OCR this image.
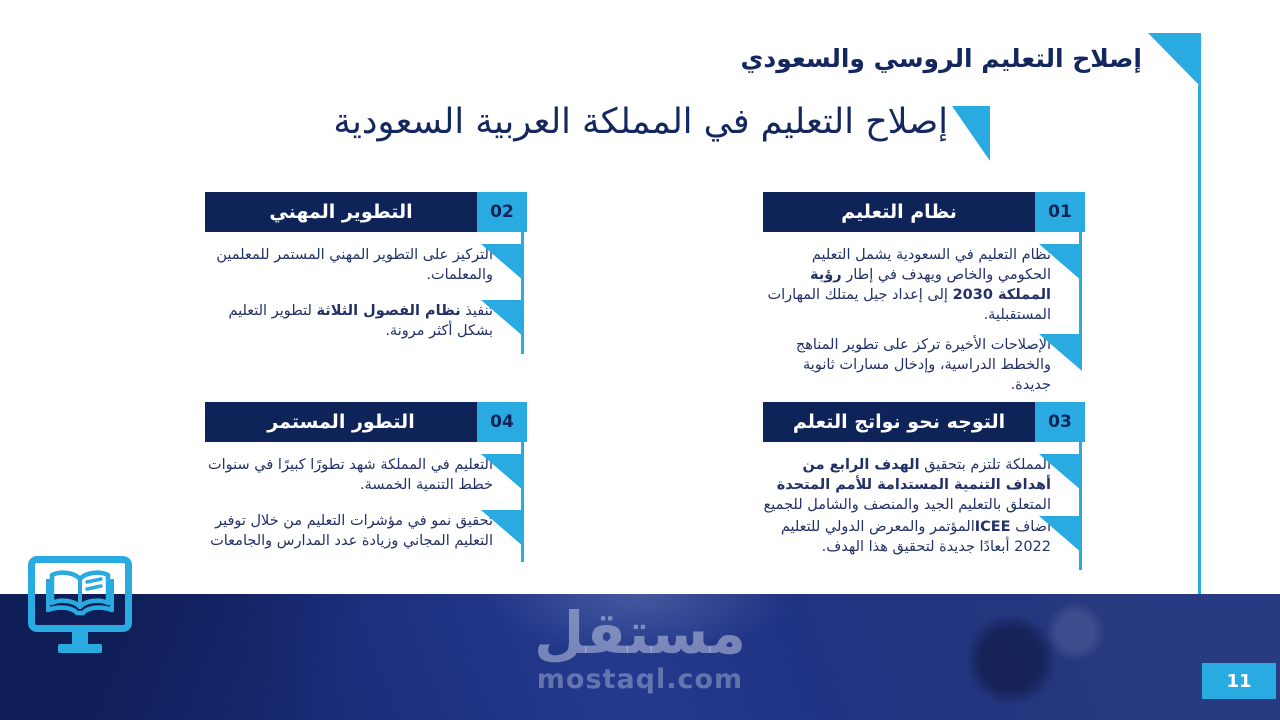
إصلاح التعليم الروسي والسعودي
إصلاح التعليم في المملكة العربية السعودية
نظام التعليم	01

نظام التعليم في السعودية يشمل التعليم الحكومي والخاص ويهدف في إطار رؤية المملكة 2030 إلى إعداد جيل يمتلك المهارات المستقبلية.

الإصلاحات الأخيرة تركز على تطوير المناهج والخطط الدراسية، وإدخال مسارات ثانوية جديدة.

التطوير المهني	02

التركيز على التطوير المهني المستمر للمعلمين والمعلمات.

تنفيذ نظام الفصول الثلاثة لتطوير التعليم بشكل أكثر مرونة.

التوجه نحو نواتج التعلم	03

المملكة تلتزم بتحقيق الهدف الرابع من أهداف التنمية المستدامة للأمم المتحدة المتعلق بالتعليم الجيد والمنصف والشامل للجميع

أضاف ICEEالمؤتمر والمعرض الدولي للتعليم 2022 أبعادًا جديدة لتحقيق هذا الهدف.

التطور المستمر	04

التعليم في المملكة شهد تطورًا كبيرًا في سنوات خطط التنمية الخمسة.

تحقيق نمو في مؤشرات التعليم من خلال توفير التعليم المجاني وزيادة عدد المدارس والجامعات

مستقل
mostaql.com	11
